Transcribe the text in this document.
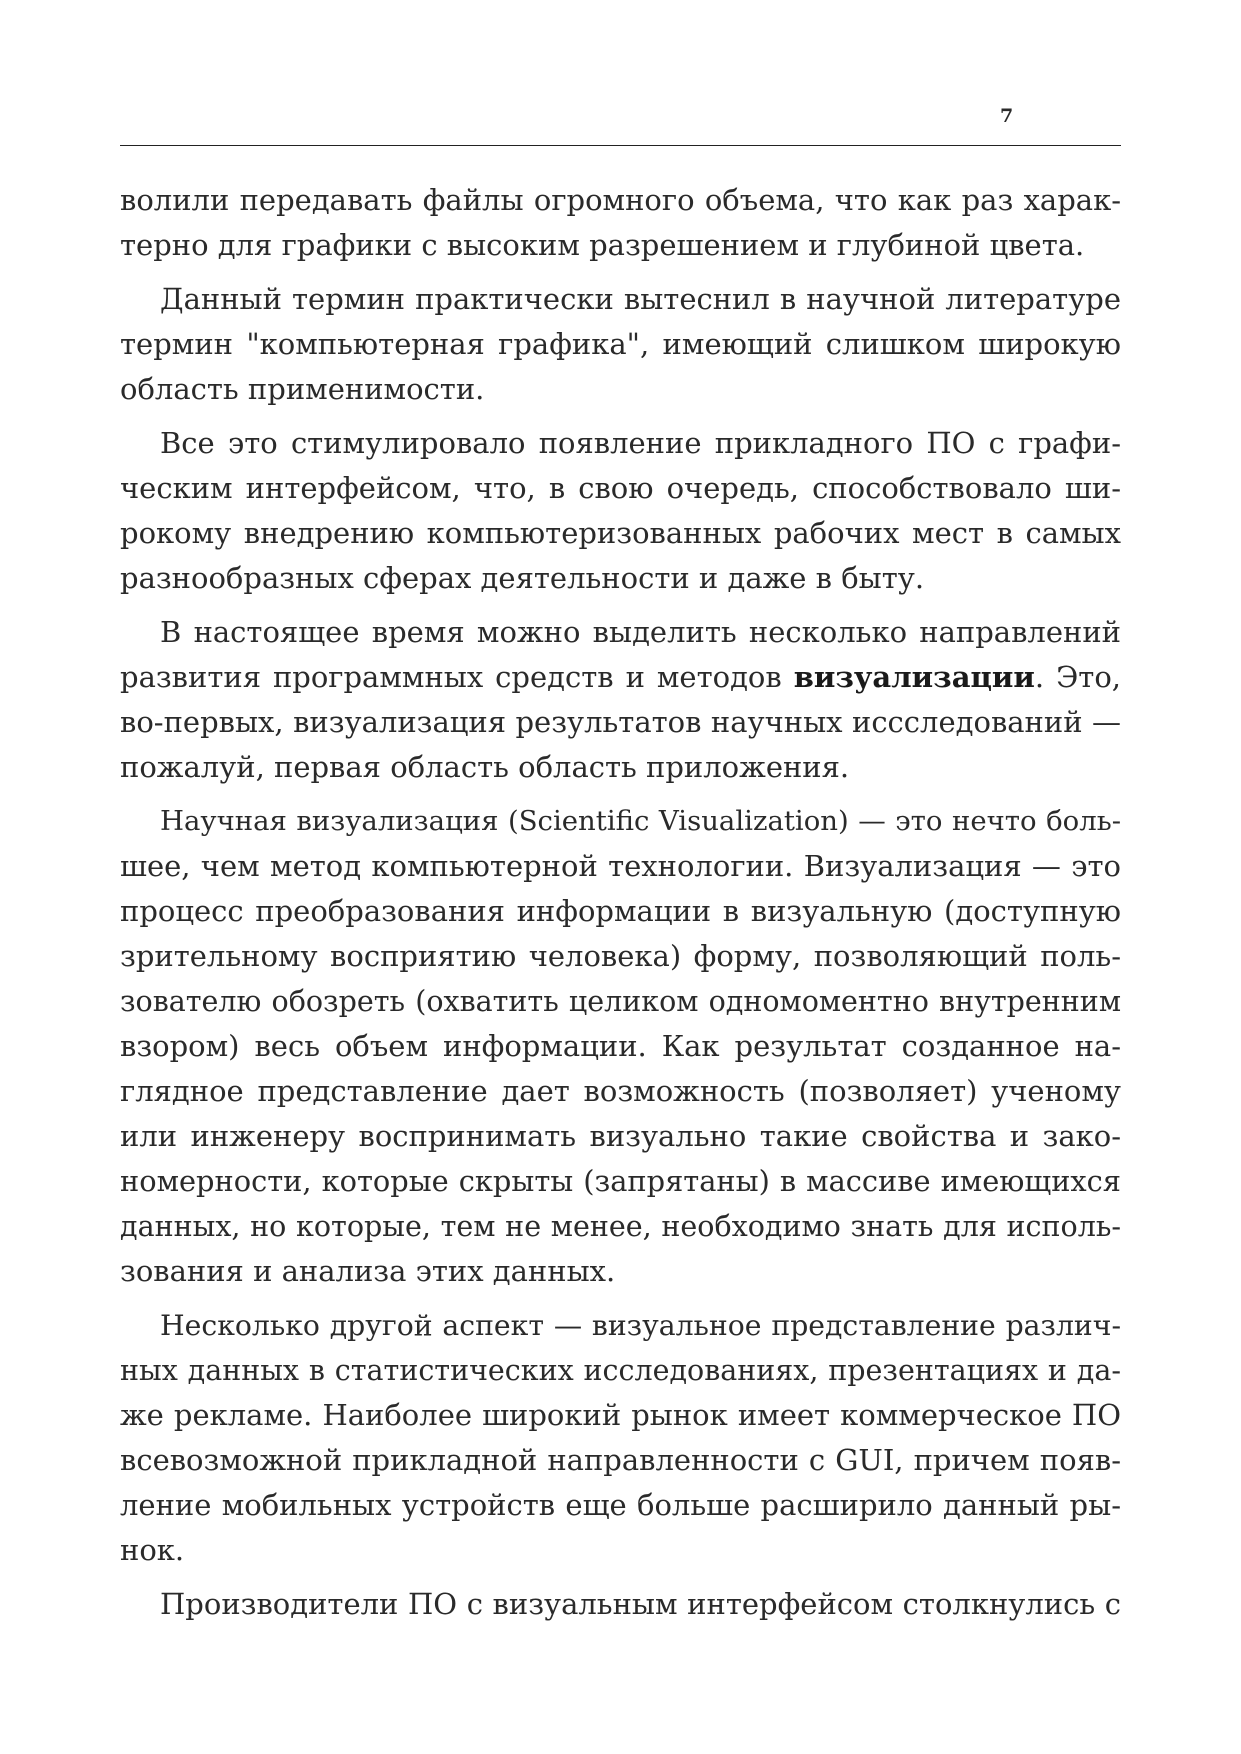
7
волили передавать файлы огромного объема, что как раз харак-
терно для графики с высоким разрешением и глубиной цвета.
Данный термин практически вытеснил в научной литературе
термин "компьютерная графика", имеющий слишком широкую
область применимости.
Все это стимулировало появление прикладного ПО с графи-
ческим интерфейсом, что, в свою очередь, способствовало ши-
рокому внедрению компьютеризованных рабочих мест в самых
разнообразных сферах деятельности и даже в быту.
В настоящее время можно выделить несколько направлений
развития программных средств и методов визуализации. Это,
во-первых, визуализация результатов научных иcсследований —
пожалуй, первая область область приложения.
Научная визуализация (Scientific Visualization) — это нечто боль-
шее, чем метод компьютерной технологии. Визуализация — это
процесс преобразования информации в визуальную (доступную
зрительному восприятию человека) форму, позволяющий поль-
зователю обозреть (охватить целиком одномоментно внутренним
взором) весь объем информации. Как результат созданное на-
глядное представление дает возможность (позволяет) ученому
или инженеру воспринимать визуально такие свойства и зако-
номерности, которые скрыты (запрятаны) в массиве имеющихся
данных, но которые, тем не менее, необходимо знать для исполь-
зования и анализа этих данных.
Несколько другой аспект — визуальное представление различ-
ных данных в статистических исследованиях, презентациях и да-
же рекламе. Наиболее широкий рынок имеет коммерческое ПО
всевозможной прикладной направленности с GUI, причем появ-
ление мобильных устройств еще больше расширило данный ры-
нок.
Производители ПО с визуальным интерфейсом столкнулись с
